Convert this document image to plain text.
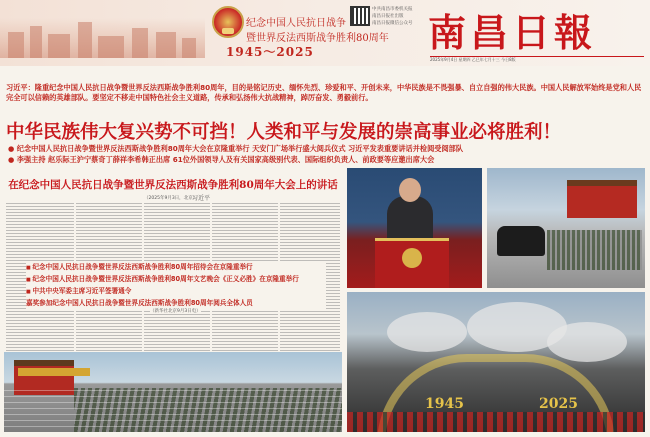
纪念中国人民抗日战争
暨世界反法西斯战争胜利80周年
1945～2025
中共南昌市委机关报
南昌日报社出版
南昌日报微信公众号 南昌日報
2025年9月4日 星期四 乙巳年七月十三 今日8版
习近平：隆重纪念中国人民抗日战争暨世界反法西斯战争胜利80周年，目的是铭记历史、缅怀先烈、珍爱和平、开创未来，中华民族是不畏强暴、自立自强的伟大民族。中国人民解放军始终是党和人民完全可以信赖的英雄部队。要坚定不移走中国特色社会主义道路，传承和弘扬伟大抗战精神，踔厉奋发、勇毅前行。
中华民族伟大复兴势不可挡！人类和平与发展的崇高事业必将胜利！
● 纪念中国人民抗日战争暨世界反法西斯战争胜利80周年大会在京隆重举行 天安门广场举行盛大阅兵仪式 习近平发表重要讲话并检阅受阅部队
● 李强主持 赵乐际王沪宁蔡奇丁薛祥李希韩正出席 61位外国领导人及有关国家高级别代表、国际组织负责人、前政要等应邀出席大会
在纪念中国人民抗日战争暨世界反法西斯战争胜利80周年大会上的讲话
（2025年9月3日，北京）
习近平
■ 纪念中国人民抗日战争暨世界反法西斯战争胜利80周年招待会在京隆重举行
■ 纪念中国人民抗日战争暨世界反法西斯战争胜利80周年文艺晚会《正义必胜》在京隆重举行
■ 中共中央军委主席习近平签署通令
嘉奖参加纪念中国人民抗日战争暨世界反法西斯战争胜利80周年阅兵全体人员
（新华社北京9月3日电）
1945	2025
